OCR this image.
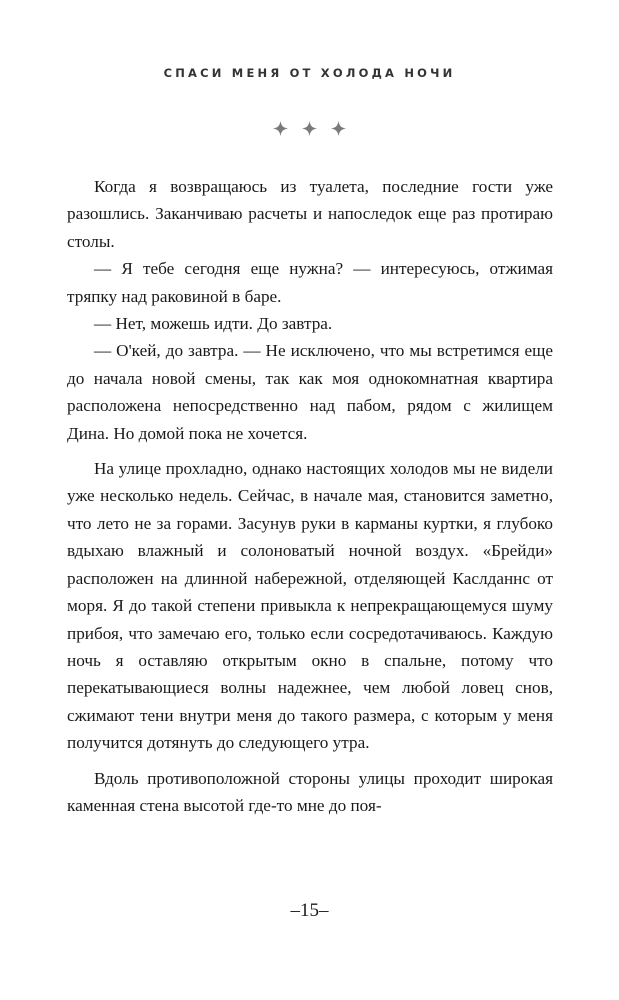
СПАСИ МЕНЯ ОТ ХОЛОДА НОЧИ

Когда я возвращаюсь из туалета, последние гости уже разошлись. Заканчиваю расчеты и напоследок еще раз протираю столы.

— Я тебе сегодня еще нужна? — интересуюсь, отжимая тряпку над раковиной в баре.

— Нет, можешь идти. До завтра.

— О'кей, до завтра. — Не исключено, что мы встретимся еще до начала новой смены, так как моя однокомнатная квартира расположена непосредственно над пабом, рядом с жилищем Дина. Но домой пока не хочется.

На улице прохладно, однако настоящих холодов мы не видели уже несколько недель. Сейчас, в начале мая, становится заметно, что лето не за горами. Засунув руки в карманы куртки, я глубоко вдыхаю влажный и солоноватый ночной воздух. «Брейди» расположен на длинной набережной, отделяющей Каслданнс от моря. Я до такой степени привыкла к непрекращающемуся шуму прибоя, что замечаю его, только если сосредотачиваюсь. Каждую ночь я оставляю открытым окно в спальне, потому что перекатывающиеся волны надежнее, чем любой ловец снов, сжимают тени внутри меня до такого размера, с которым у меня получится дотянуть до следующего утра.

Вдоль противоположной стороны улицы проходит широкая каменная стена высотой где-то мне до поя-

–15–
